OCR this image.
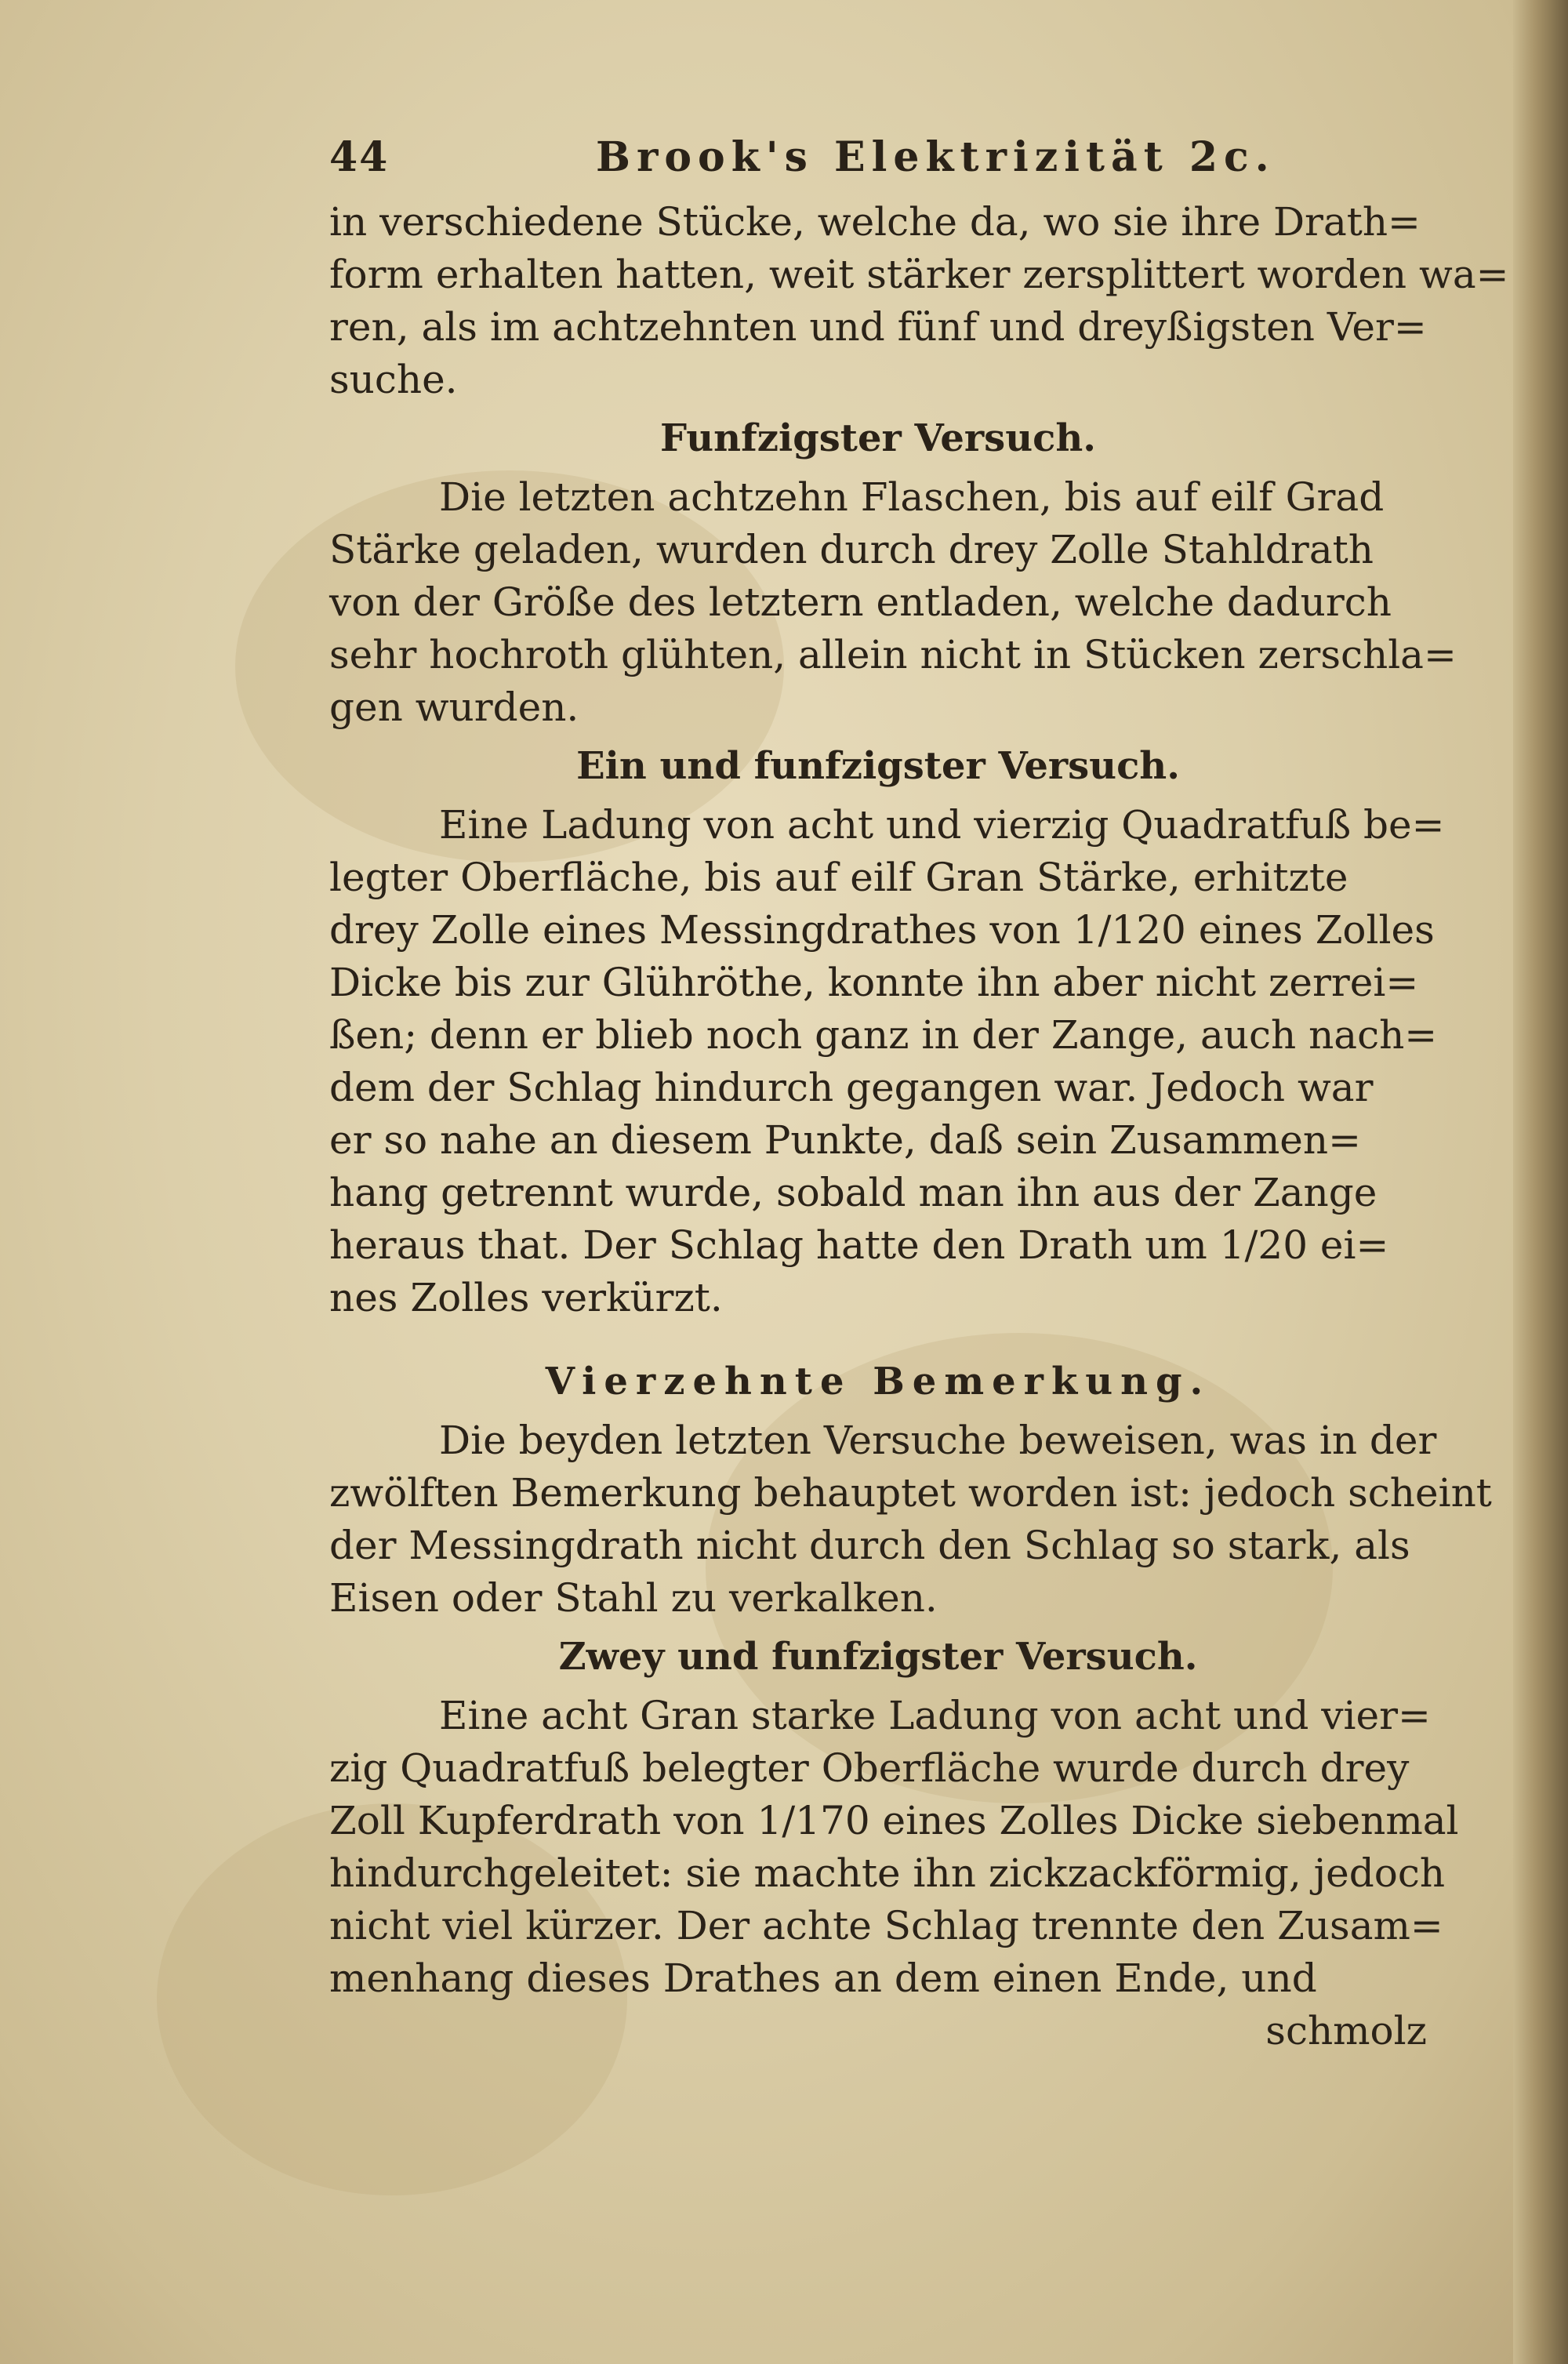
44	Brook's Elektrizität 2c.

in verschiedene Stücke, welche da, wo sie ihre Drath=
form erhalten hatten, weit stärker zersplittert worden wa=
ren, als im achtzehnten und fünf und dreyßigsten Ver=
suche.

Funfzigster Versuch.

Die letzten achtzehn Flaschen, bis auf eilf Grad
Stärke geladen, wurden durch drey Zolle Stahldrath
von der Größe des letztern entladen, welche dadurch
sehr hochroth glühten, allein nicht in Stücken zerschla=
gen wurden.

Ein und funfzigster Versuch.

Eine Ladung von acht und vierzig Quadratfuß be=
legter Oberfläche, bis auf eilf Gran Stärke, erhitzte
drey Zolle eines Messingdrathes von 1/120 eines Zolles
Dicke bis zur Glühröthe, konnte ihn aber nicht zerrei=
ßen; denn er blieb noch ganz in der Zange, auch nach=
dem der Schlag hindurch gegangen war. Jedoch war
er so nahe an diesem Punkte, daß sein Zusammen=
hang getrennt wurde, sobald man ihn aus der Zange
heraus that. Der Schlag hatte den Drath um 1/20 ei=
nes Zolles verkürzt.

Vierzehnte Bemerkung.

Die beyden letzten Versuche beweisen, was in der
zwölften Bemerkung behauptet worden ist: jedoch scheint
der Messingdrath nicht durch den Schlag so stark, als
Eisen oder Stahl zu verkalken.

Zwey und funfzigster Versuch.

Eine acht Gran starke Ladung von acht und vier=
zig Quadratfuß belegter Oberfläche wurde durch drey
Zoll Kupferdrath von 1/170 eines Zolles Dicke siebenmal
hindurchgeleitet: sie machte ihn zickzackförmig, jedoch
nicht viel kürzer. Der achte Schlag trennte den Zusam=
menhang dieses Drathes an dem einen Ende, und

schmolz
